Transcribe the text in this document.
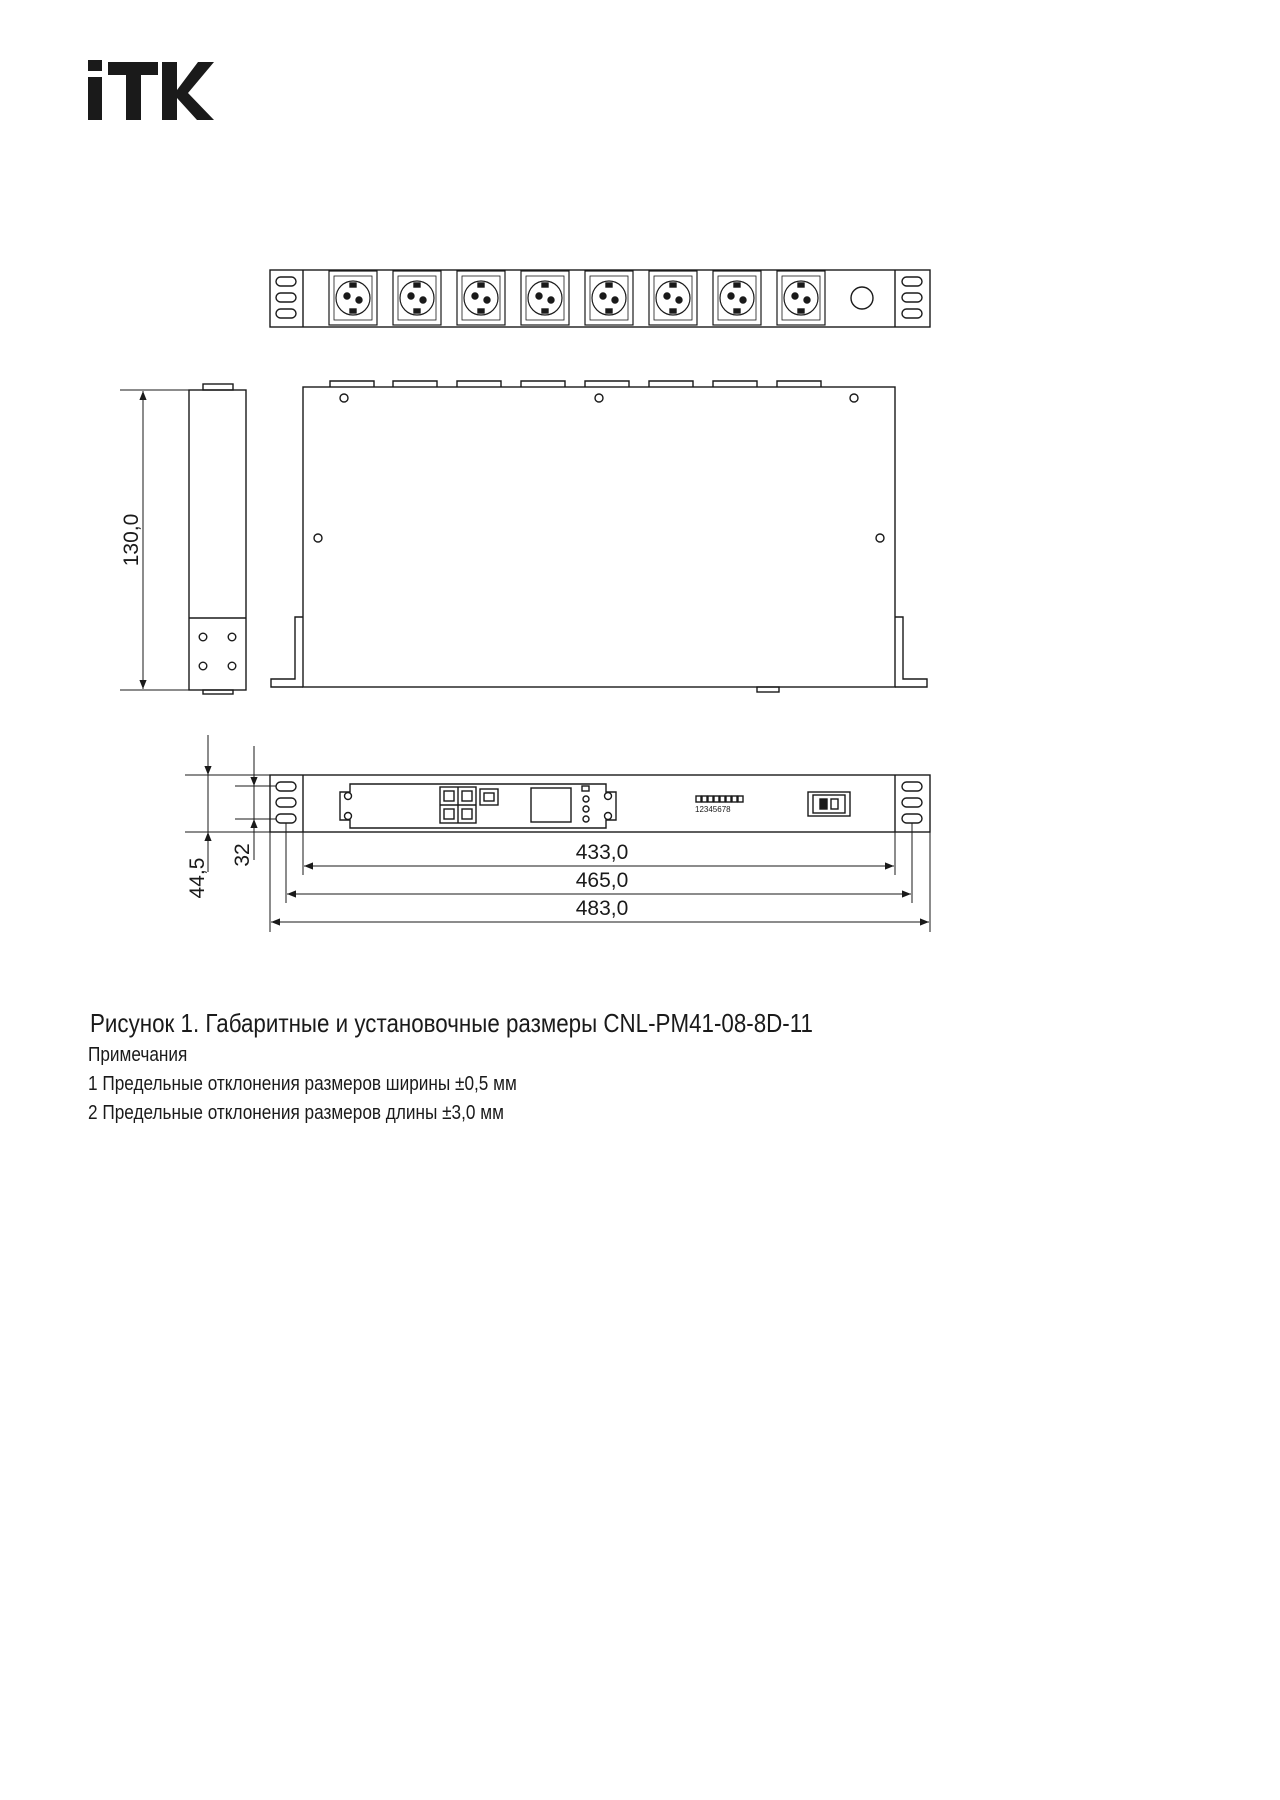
130,0
44,5
32	433,0
465,0
483,0
12345678
Рисунок 1. Габаритные и установочные размеры CNL-PM41-08-8D-11
Примечания
1 Предельные отклонения размеров ширины ±0,5 мм
2 Предельные отклонения размеров длины ±3,0 мм
